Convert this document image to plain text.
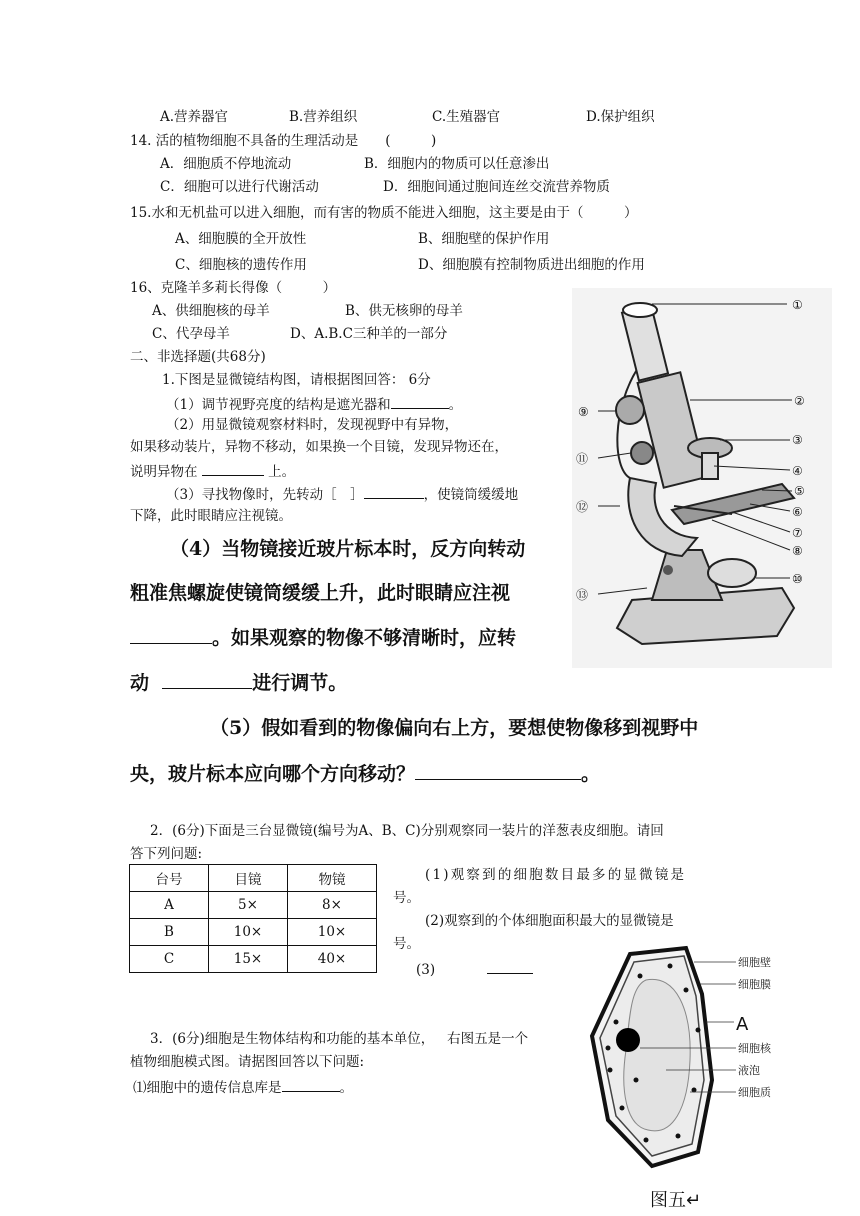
A.营养器官	B.营养组织	C.生殖器官	D.保护组织
14. 活的植物细胞不具备的生理活动是　　(　　　)
A．细胞质不停地流动	B．细胞内的物质可以任意渗出
C．细胞可以进行代谢活动	D．细胞间通过胞间连丝交流营养物质
15.水和无机盐可以进入细胞，而有害的物质不能进入细胞，这主要是由于（　　　）
A、细胞膜的全开放性	B、细胞壁的保护作用
C、细胞核的遗传作用	D、细胞膜有控制物质进出细胞的作用
16、克隆羊多莉长得像（　　　）
A、供细胞核的母羊	B、供无核卵的母羊
C、代孕母羊	D、A.B.C三种羊的一部分
二、非选择题(共68分)
1.下图是显微镜结构图，请根据图回答： 6分
（1）调节视野亮度的结构是遮光器和	。
（2）用显微镜观察材料时，发现视野中有异物，
如果移动装片，异物不移动，如果换一个目镜，发现异物还在，
说明异物在	上。
（3）寻找物像时，先转动［　］	，使镜筒缓缓地
下降，此时眼睛应注视镜。
（4）当物镜接近玻片标本时，反方向转动
粗准焦螺旋使镜筒缓缓上升，此时眼睛应注视
。如果观察的物像不够清晰时，应转
动	进行调节。
（5）假如看到的物像偏向右上方，要想使物像移到视野中
央，玻片标本应向哪个方向移动？	。
①
②
③
④
⑤
⑥
⑦
⑧
⑨
⑩
⑪
⑫
⑬
2．(6分)下面是三台显微镜(编号为A、B、C)分别观察同一装片的洋葱表皮细胞。请回
答下列问题:
台号	目镜	物镜
A	5×	8×
B	10×	10×
C	15×	40×
(1)观察到的细胞数目最多的显微镜是
号。
(2)观察到的个体细胞面积最大的显微镜是
号。
(3)
3．(6分)细胞是生物体结构和功能的基本单位， 右图五是一个
植物细胞模式图。请据图回答以下问题:
⑴细胞中的遗传信息库是	。
细胞壁
细胞膜
细胞核
液泡
细胞质
A
图五↵
